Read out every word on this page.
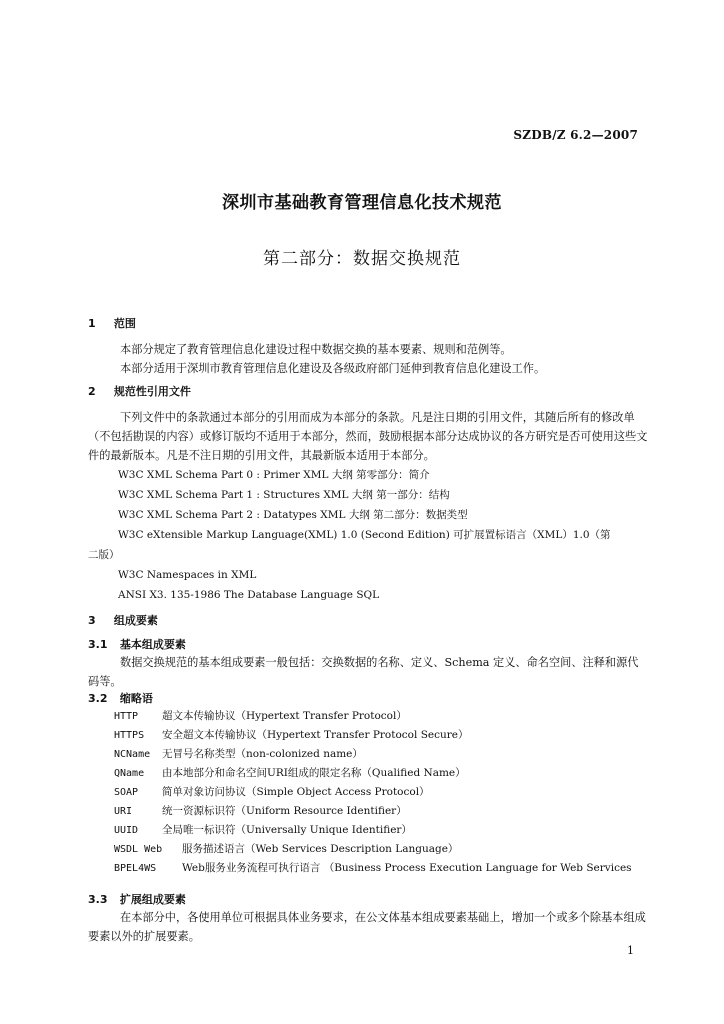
SZDB/Z 6.2—2007
深圳市基础教育管理信息化技术规范
第二部分：数据交换规范
1 范围

本部分规定了教育管理信息化建设过程中数据交换的基本要素、规则和范例等。

本部分适用于深圳市教育管理信息化建设及各级政府部门延伸到教育信息化建设工作。

2 规范性引用文件

下列文件中的条款通过本部分的引用而成为本部分的条款。凡是注日期的引用文件，其随后所有的修改单（不包括勘误的内容）或修订版均不适用于本部分，然而，鼓励根据本部分达成协议的各方研究是否可使用这些文件的最新版本。凡是不注日期的引用文件，其最新版本适用于本部分。

W3C XML Schema Part 0 : Primer XML 大纲 第零部分：简介

W3C XML Schema Part 1 : Structures XML 大纲 第一部分：结构

W3C XML Schema Part 2 : Datatypes XML 大纲 第二部分：数据类型

W3C eXtensible Markup Language(XML) 1.0 (Second Edition) 可扩展置标语言（XML）1.0（第

二版）

W3C Namespaces in XML

ANSI X3. 135-1986 The Database Language SQL

3 组成要素
3.1 基本组成要素

数据交换规范的基本组成要素一般包括：交换数据的名称、定义、Schema 定义、命名空间、注释和源代码等。

3.2 缩略语
HTTP	超文本传输协议（Hypertext Transfer Protocol）
HTTPS	安全超文本传输协议（Hypertext Transfer Protocol Secure）
NCName	无冒号名称类型（non-colonized name）
QName	由本地部分和命名空间URI组成的限定名称（Qualified Name）
SOAP	简单对象访问协议（Simple Object Access Protocol）
URI	统一资源标识符（Uniform Resource Identifier）
UUID	全局唯一标识符（Universally Unique Identifier）
WSDL Web	服务描述语言（Web Services Description Language）
BPEL4WS	Web服务业务流程可执行语言 （Business Process Execution Language for Web Services
3.3 扩展组成要素

在本部分中，各使用单位可根据具体业务要求，在公文体基本组成要素基础上，增加一个或多个除基本组成要素以外的扩展要素。

1
